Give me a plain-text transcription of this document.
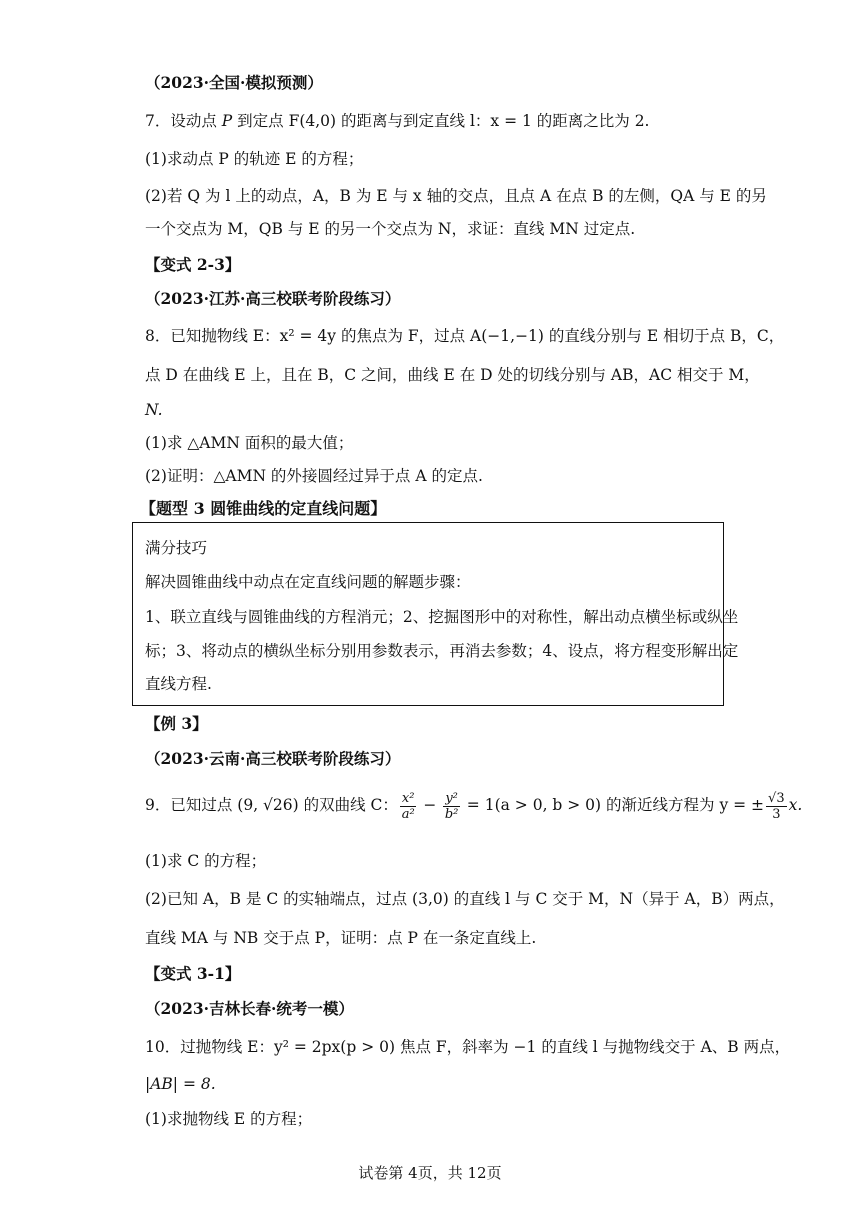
（2023·全国·模拟预测）
7．设动点 P 到定点 F(4,0) 的距离与到定直线 l：x = 1 的距离之比为 2.
(1)求动点 P 的轨迹 E 的方程；
(2)若 Q 为 l 上的动点，A，B 为 E 与 x 轴的交点，且点 A 在点 B 的左侧，QA 与 E 的另
一个交点为 M，QB 与 E 的另一个交点为 N，求证：直线 MN 过定点.
【变式 2-3】
（2023·江苏·高三校联考阶段练习）
8．已知抛物线 E：x² = 4y 的焦点为 F，过点 A(−1,−1) 的直线分别与 E 相切于点 B，C，
点 D 在曲线 E 上，且在 B，C 之间，曲线 E 在 D 处的切线分别与 AB，AC 相交于 M，
N.
(1)求 △AMN 面积的最大值；
(2)证明：△AMN 的外接圆经过异于点 A 的定点.
【题型 3 圆锥曲线的定直线问题】
满分技巧
解决圆锥曲线中动点在定直线问题的解题步骤：
1、联立直线与圆锥曲线的方程消元；2、挖掘图形中的对称性，解出动点横坐标或纵坐
标；3、将动点的横纵坐标分别用参数表示，再消去参数；4、设点，将方程变形解出定
直线方程.
【例 3】
（2023·云南·高三校联考阶段练习）
9．已知过点 (9, √26) 的双曲线 C： $\frac{\text{x²}}{\text{a²}} - \frac{\text{y²}}{\text{b²}} = 1(a > 0$, b > 0) 的渐近线方程为 y = ± $\frac{√3}{3} x$.
(1)求 C 的方程；
(2)已知 A，B 是 C 的实轴端点，过点 (3,0) 的直线 l 与 C 交于 M，N（异于 A，B）两点，
直线 MA 与 NB 交于点 P，证明：点 P 在一条定直线上.
【变式 3-1】
（2023·吉林长春·统考一模）
10．过抛物线 E：y² = 2px(p > 0) 焦点 F，斜率为 −1 的直线 l 与抛物线交于 A、B 两点，
|AB| = 8.
(1)求抛物线 E 的方程；
试卷第 4页，共 12页
